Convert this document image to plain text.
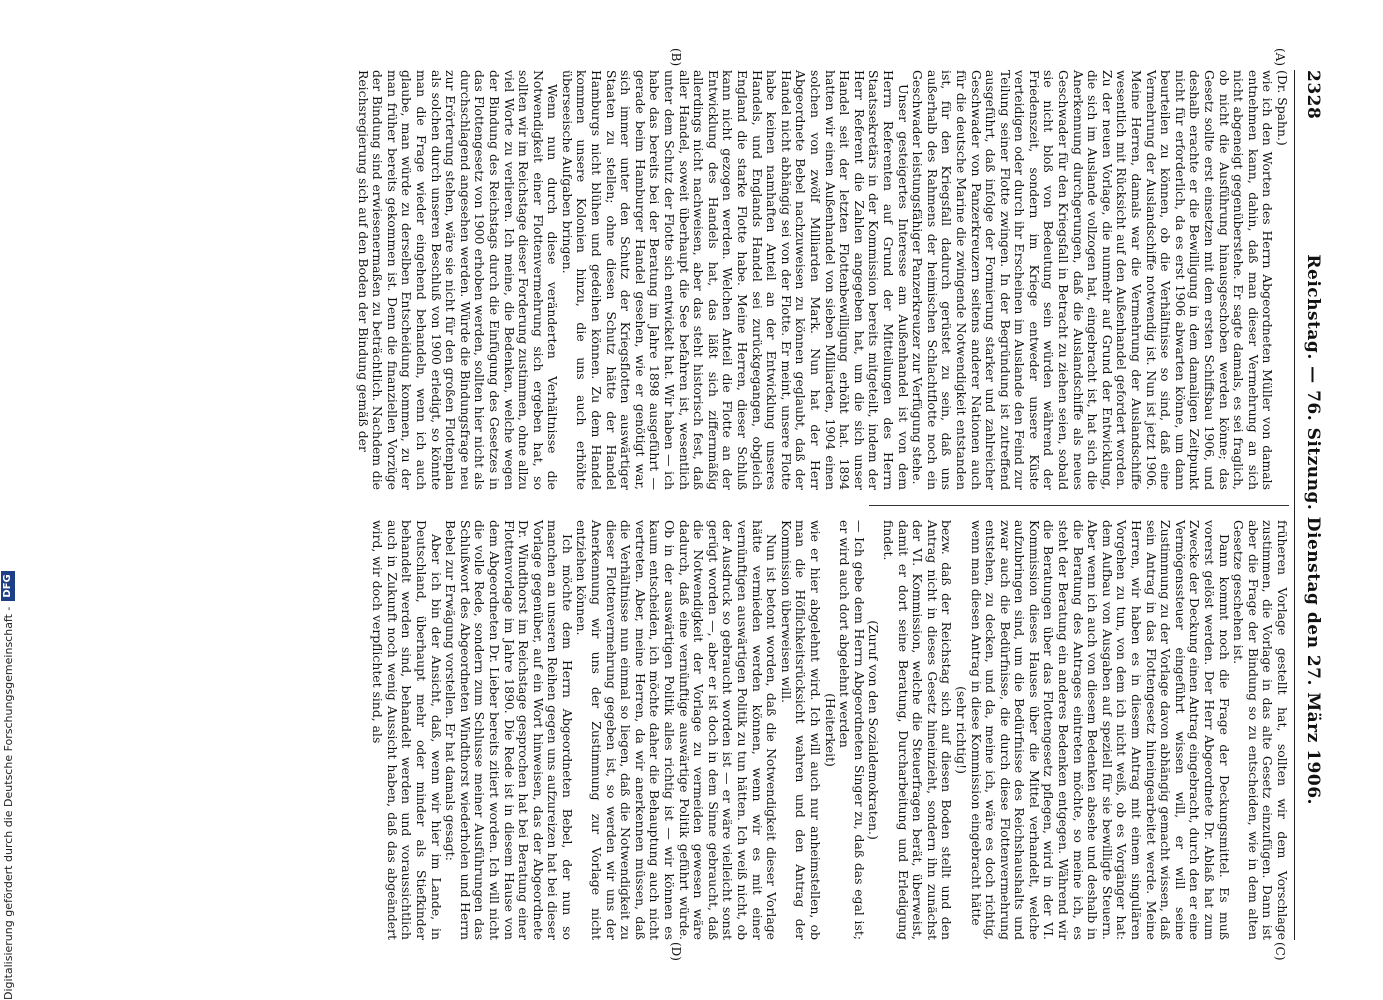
2328
Reichstag. — 76. Sitzung. Dienstag den 27. März 1906.
(A)
(B)
(C)
(D)

(Dr. Spahn.)

wie ich den Worten des Herrn Abgeordneten Müller von damals entnehmen kann, dahin, daß man dieser Vermehrung an sich nicht abgeneigt gegenüberstehe. Er sagte damals, es sei fraglich, ob nicht die Ausführung hinausgeschoben werden könne; das Gesetz sollte erst einsetzen mit dem ersten Schiffsbau 1906, und deshalb erachte er die Bewilligung in dem damaligen Zeitpunkt nicht für erforderlich, da es erst 1906 abwarten könne, um dann beurteilen zu können, ob die Verhältnisse so sind, daß eine Vermehrung der Auslandschiffe notwendig ist. Nun ist jetzt 1906. Meine Herren, damals war die Vermehrung der Auslandschiffe wesentlich mit Rücksicht auf den Außenhandel gefordert worden. Zu der neuen Vorlage, die nunmehr auf Grund der Entwicklung, die sich im Auslande vollzogen hat, eingebracht ist, hat sich die Anerkennung durchgerungen, daß die Auslandschiffe als neues Geschwader für den Kriegsfall in Betracht zu ziehen seien, sobald sie nicht bloß von Bedeutung sein würden während der Friedenszeit, sondern im Kriege entweder unsere Küste verteidigen oder durch ihr Erscheinen im Auslande den Feind zur Teilung seiner Flotte zwingen. In der Begründung ist zutreffend ausgeführt, daß infolge der Formierung starker und zahlreicher Geschwader von Panzerkreuzern seitens anderer Nationen auch für die deutsche Marine die zwingende Notwendigkeit entstanden ist, für den Kriegsfall dadurch gerüstet zu sein, daß uns außerhalb des Rahmens der heimischen Schlachtflotte noch ein Geschwader leistungsfähiger Panzerkreuzer zur Verfügung stehe.

Unser gesteigertes Interesse am Außenhandel ist von dem Herrn Referenten auf Grund der Mitteilungen des Herrn Staatssekretärs in der Kommission bereits mitgeteilt, indem der Herr Referent die Zahlen angegeben hat, um die sich unser Handel seit der letzten Flottenbewilligung erhöht hat. 1894 hatten wir einen Außenhandel von sieben Milliarden, 1904 einen solchen von zwölf Milliarden Mark. Nun hat der Herr Abgeordnete Bebel nachzuweisen zu können geglaubt, daß der Handel nicht abhängig sei von der Flotte. Er meint, unsere Flotte habe keinen namhaften Anteil an der Entwicklung unseres Handels, und Englands Handel sei zurückgegangen, obgleich England die starke Flotte habe. Meine Herren, dieser Schluß kann nicht gezogen werden. Welchen Anteil die Flotte an der Entwicklung des Handels hat, das läßt sich ziffernmäßig allerdings nicht nachweisen, aber das steht historisch fest, daß aller Handel, soweit überhaupt die See befahren ist, wesentlich unter dem Schutz der Flotte sich entwickelt hat. Wir haben — ich habe das bereits bei der Beratung im Jahre 1898 ausgeführt — gerade beim Hamburger Handel gesehen, wie er genötigt war, sich immer unter den Schutz der Kriegsflotten auswärtiger Staaten zu stellen; ohne diesen Schutz hätte der Handel Hamburgs nicht blühen und gedeihen können. Zu dem Handel kommen unsere Kolonien hinzu, die uns auch erhöhte überseeische Aufgaben bringen.

Wenn nun durch diese veränderten Verhältnisse die Notwendigkeit einer Flottenvermehrung sich ergeben hat, so sollten wir im Reichstage dieser Forderung zustimmen, ohne allzu viel Worte zu verlieren. Ich meine, die Bedenken, welche wegen der Bindung des Reichstags durch die Einfügung des Gesetzes in das Flottengesetz von 1900 erhoben werden, sollten hier nicht als durchschlagend angesehen werden. Würde die Bindungsfrage neu zur Erörterung stehen, wäre sie nicht für den großen Flottenplan als solchen durch unseren Beschluß von 1900 erledigt, so könnte man die Frage wieder eingehend behandeln, wenn ich auch glaube, man würde zu derselben Entscheidung kommen, zu der man früher bereits gekommen ist. Denn die finanziellen Vorzüge der Bindung sind erwiesenermaßen zu beträchtlich. Nachdem die Reichsregierung sich auf den Boden der Bindung gemäß der

früheren Vorlage gestellt hat, sollten wir dem Vorschlage zustimmen, die Vorlage in das alte Gesetz einzufügen. Dann ist aber die Frage der Bindung so zu entscheiden, wie in dem alten Gesetze geschehen ist.

Dann kommt noch die Frage der Deckungsmittel. Es muß vorerst gelöst werden. Der Herr Abgeordnete Dr. Ablaß hat zum Zwecke der Deckung einen Antrag eingebracht, durch den er eine Vermögenssteuer eingeführt wissen will, er will seine Zustimmung zu der Vorlage davon abhängig gemacht wissen, daß sein Antrag in das Flottengesetz hineingearbeitet werde. Meine Herren, wir haben es in diesem Antrag mit einem singulären Vorgehen zu tun, von dem ich nicht weiß, ob es Vorgänger hat: dem Aufbau von Ausgaben auf speziell für sie bewilligte Steuern. Aber wenn ich auch von diesem Bedenken absehe und deshalb in die Beratung des Antrages eintreten möchte, so meine ich, es steht der Beratung ein anderes Bedenken entgegen. Während wir die Beratungen über das Flottengesetz pflegen, wird in der VI. Kommission dieses Hauses über die Mittel verhandelt, welche aufzubringen sind, um die Bedürfnisse des Reichshaushalts und zwar auch die Bedürfnisse, die durch diese Flottenvermehrung entstehen, zu decken, und da, meine ich, wäre es doch richtig, wenn man diesen Antrag in diese Kommission eingebracht hätte

(sehr richtig!)

bezw. daß der Reichstag sich auf diesen Boden stellt und den Antrag nicht in dieses Gesetz hineinzieht, sondern ihn zunächst der VI. Kommission, welche die Steuerfragen berät, überweist, damit er dort seine Beratung, Durcharbeitung und Erledigung findet.

(Zuruf von den Sozialdemokraten.)

— Ich gebe dem Herrn Abgeordneten Singer zu, daß das egal ist; er wird auch dort abgelehnt werden

(Heiterkeit)

wie er hier abgelehnt wird. Ich will auch nur anheimstellen, ob man die Höflichkeitsrücksicht wahren und den Antrag der Kommission überweisen will.

Nun ist betont worden, daß die Notwendigkeit dieser Vorlage hätte vermieden werden können, wenn wir es mit einer vernünftigen auswärtigen Politik zu tun hätten. Ich weiß nicht, ob der Ausdruck so gebraucht worden ist — er wäre vielleicht sonst gerügt worden —, aber er ist doch in dem Sinne gebraucht, daß die Notwendigkeit der Vorlage zu vermeiden gewesen wäre dadurch, daß eine vernünftige auswärtige Politik geführt würde. Ob in der auswärtigen Politik alles richtig ist — wir können es kaum entscheiden, ich möchte daher die Behauptung auch nicht vertreten. Aber, meine Herren, da wir anerkennen müssen, daß die Verhältnisse nun einmal so liegen, daß die Notwendigkeit zu dieser Flottenvermehrung gegeben ist, so werden wir uns der Anerkennung wir uns der Zustimmung zur Vorlage nicht entziehen können.

Ich möchte dem Herrn Abgeordneten Bebel, der nun so manchen an unseren Reihen gegen uns aufzureizen hat bei dieser Vorlage gegenüber, auf ein Wort hinweisen, das der Abgeordnete Dr. Windthorst im Reichstage gesprochen hat bei Beratung einer Flottenvorlage im Jahre 1890. Die Rede ist in diesem Hause von dem Abgeordneten Dr. Lieber bereits zitiert worden. Ich will nicht die volle Rede, sondern zum Schlusse meiner Ausführungen das Schlußwort des Abgeordneten Windthorst wiederholen und Herrn Bebel zur Erwägung vorstellen. Er hat damals gesagt:

Aber ich bin der Ansicht, daß, wenn wir hier im Lande, in Deutschland, überhaupt mehr oder minder als Stiefkinder behandelt werden sind, behandelt werden und voraussichtlich auch in Zukunft noch wenig Aussicht haben, daß das abgeändert wird, wir doch verpflichtet sind, als

Digitalisierung gefördert durch die Deutsche Forschungsgemeinschaft -
DFG
